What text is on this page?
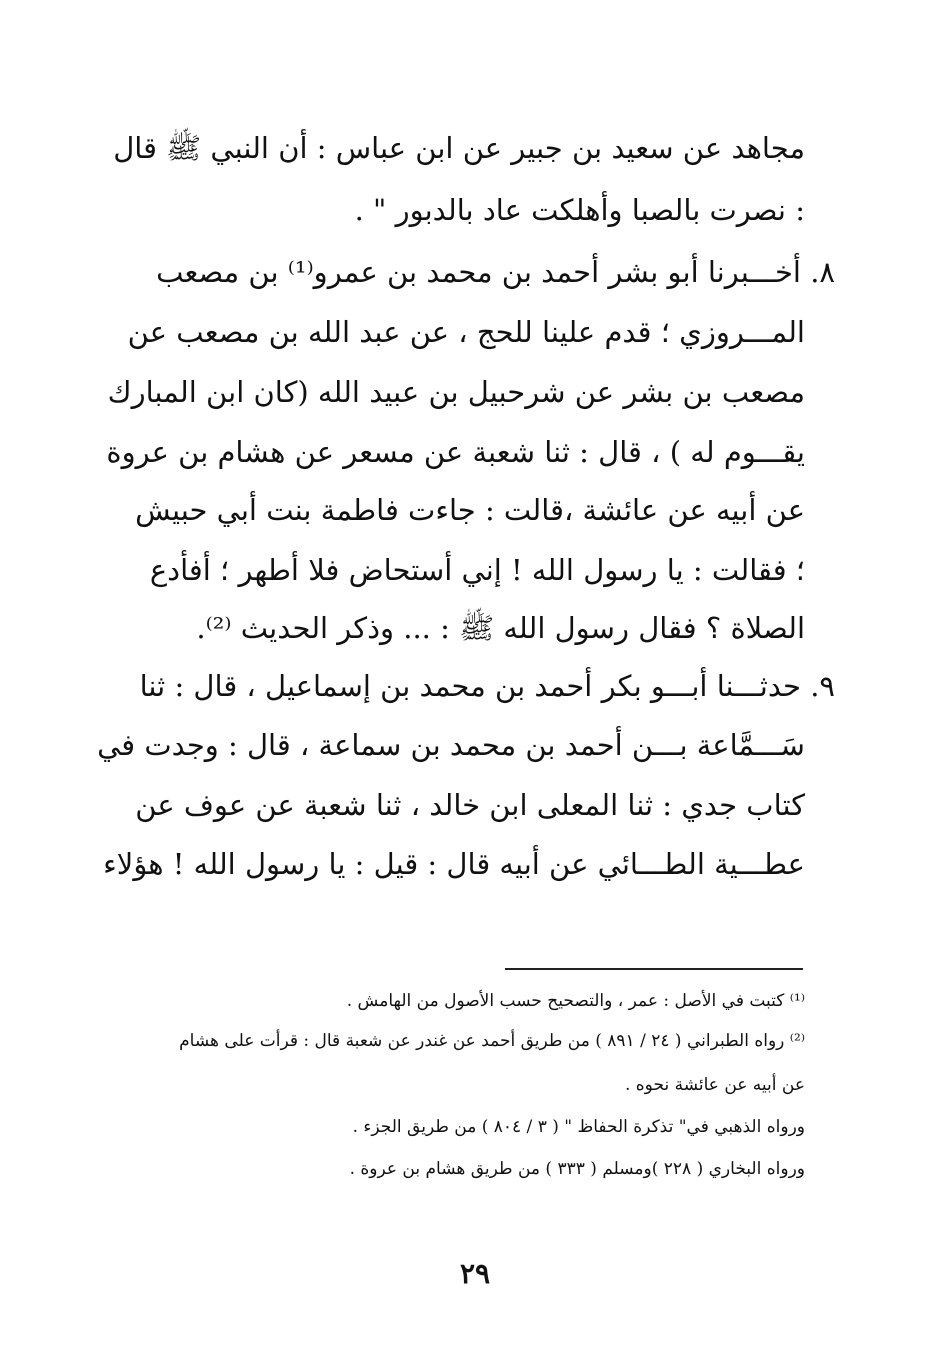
مجاهد عن سعيد بن جبير عن ابن عباس : أن النبي ﷺ قال
: نصرت بالصبا وأهلكت عاد بالدبور " .
٨. أخـــبرنا أبو بشر أحمد بن محمد بن عمرو⁽¹⁾ بن مصعب
المـــروزي ؛ قدم علينا للحج ، عن عبد الله بن مصعب عن
مصعب بن بشر عن شرحبيل بن عبيد الله (كان ابن المبارك
يقـــوم له ) ، قال : ثنا شعبة عن مسعر عن هشام بن عروة
عن أبيه عن عائشة ،قالت : جاءت فاطمة بنت أبي حبيش
؛ فقالت : يا رسول الله ! إني أستحاض فلا أطهر ؛ أفأدع
الصلاة ؟ فقال رسول الله ﷺ : ... وذكر الحديث ⁽²⁾.
٩. حدثـــنا أبـــو بكر أحمد بن محمد بن إسماعيل ، قال : ثنا
سَـــمَّاعة بـــن أحمد بن محمد بن سماعة ، قال : وجدت في
كتاب جدي : ثنا المعلى ابن خالد ، ثنا شعبة عن عوف عن
عطـــية الطـــائي عن أبيه قال : قيل : يا رسول الله ! هؤلاء
⁽¹⁾ كتبت في الأصل : عمر ، والتصحيح حسب الأصول من الهامش .
⁽²⁾ رواه الطبراني ( ٢٤ / ٨٩١ ) من طريق أحمد عن غندر عن شعبة قال : قرأت على هشام
عن أبيه عن عائشة نحوه .
ورواه الذهبي في" تذكرة الحفاظ " ( ٣ / ٨٠٤ ) من طريق الجزء .
ورواه البخاري ( ٢٢٨ )ومسلم ( ٣٣٣ ) من طريق هشام بن عروة .
٢٩
